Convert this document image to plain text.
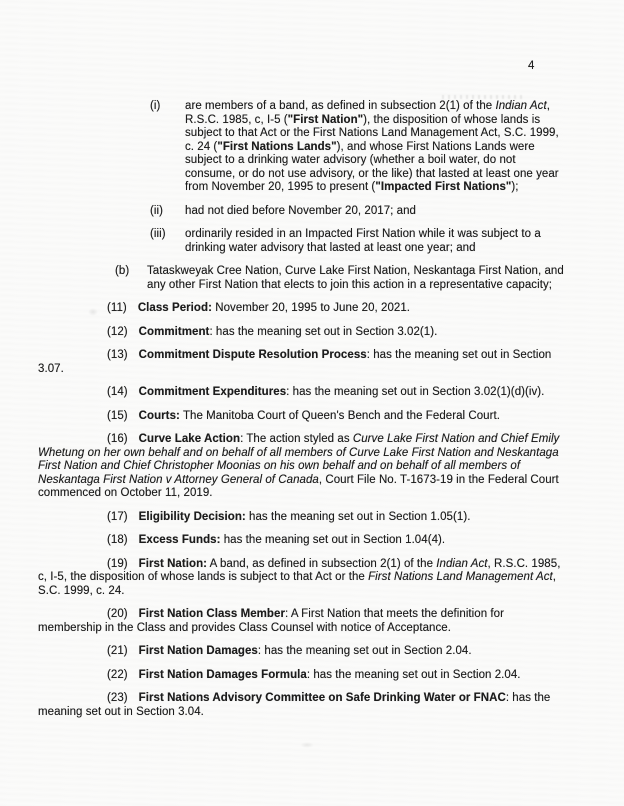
4
(i)	are members of a band, as defined in subsection 2(1) of the Indian Act, R.S.C. 1985, c, I-5 ("First Nation"), the disposition of whose lands is subject to that Act or the First Nations Land Management Act, S.C. 1999, c. 24 ("First Nations Lands"), and whose First Nations Lands were subject to a drinking water advisory (whether a boil water, do not consume, or do not use advisory, or the like) that lasted at least one year from November 20, 1995 to present ("Impacted First Nations");
(ii)	had not died before November 20, 2017; and
(iii)	ordinarily resided in an Impacted First Nation while it was subject to a drinking water advisory that lasted at least one year; and
(b)	Tataskweyak Cree Nation, Curve Lake First Nation, Neskantaga First Nation, and any other First Nation that elects to join this action in a representative capacity;
(11) Class Period: November 20, 1995 to June 20, 2021.
(12) Commitment: has the meaning set out in Section 3.02(1).
(13) Commitment Dispute Resolution Process: has the meaning set out in Section 3.07.
(14) Commitment Expenditures: has the meaning set out in Section 3.02(1)(d)(iv).
(15) Courts: The Manitoba Court of Queen's Bench and the Federal Court.
(16) Curve Lake Action: The action styled as Curve Lake First Nation and Chief Emily Whetung on her own behalf and on behalf of all members of Curve Lake First Nation and Neskantaga First Nation and Chief Christopher Moonias on his own behalf and on behalf of all members of Neskantaga First Nation v Attorney General of Canada, Court File No. T-1673-19 in the Federal Court commenced on October 11, 2019.
(17) Eligibility Decision: has the meaning set out in Section 1.05(1).
(18) Excess Funds: has the meaning set out in Section 1.04(4).
(19) First Nation: A band, as defined in subsection 2(1) of the Indian Act, R.S.C. 1985, c, I-5, the disposition of whose lands is subject to that Act or the First Nations Land Management Act, S.C. 1999, c. 24.
(20) First Nation Class Member: A First Nation that meets the definition for membership in the Class and provides Class Counsel with notice of Acceptance.
(21) First Nation Damages: has the meaning set out in Section 2.04.
(22) First Nation Damages Formula: has the meaning set out in Section 2.04.
(23) First Nations Advisory Committee on Safe Drinking Water or FNAC: has the meaning set out in Section 3.04.
